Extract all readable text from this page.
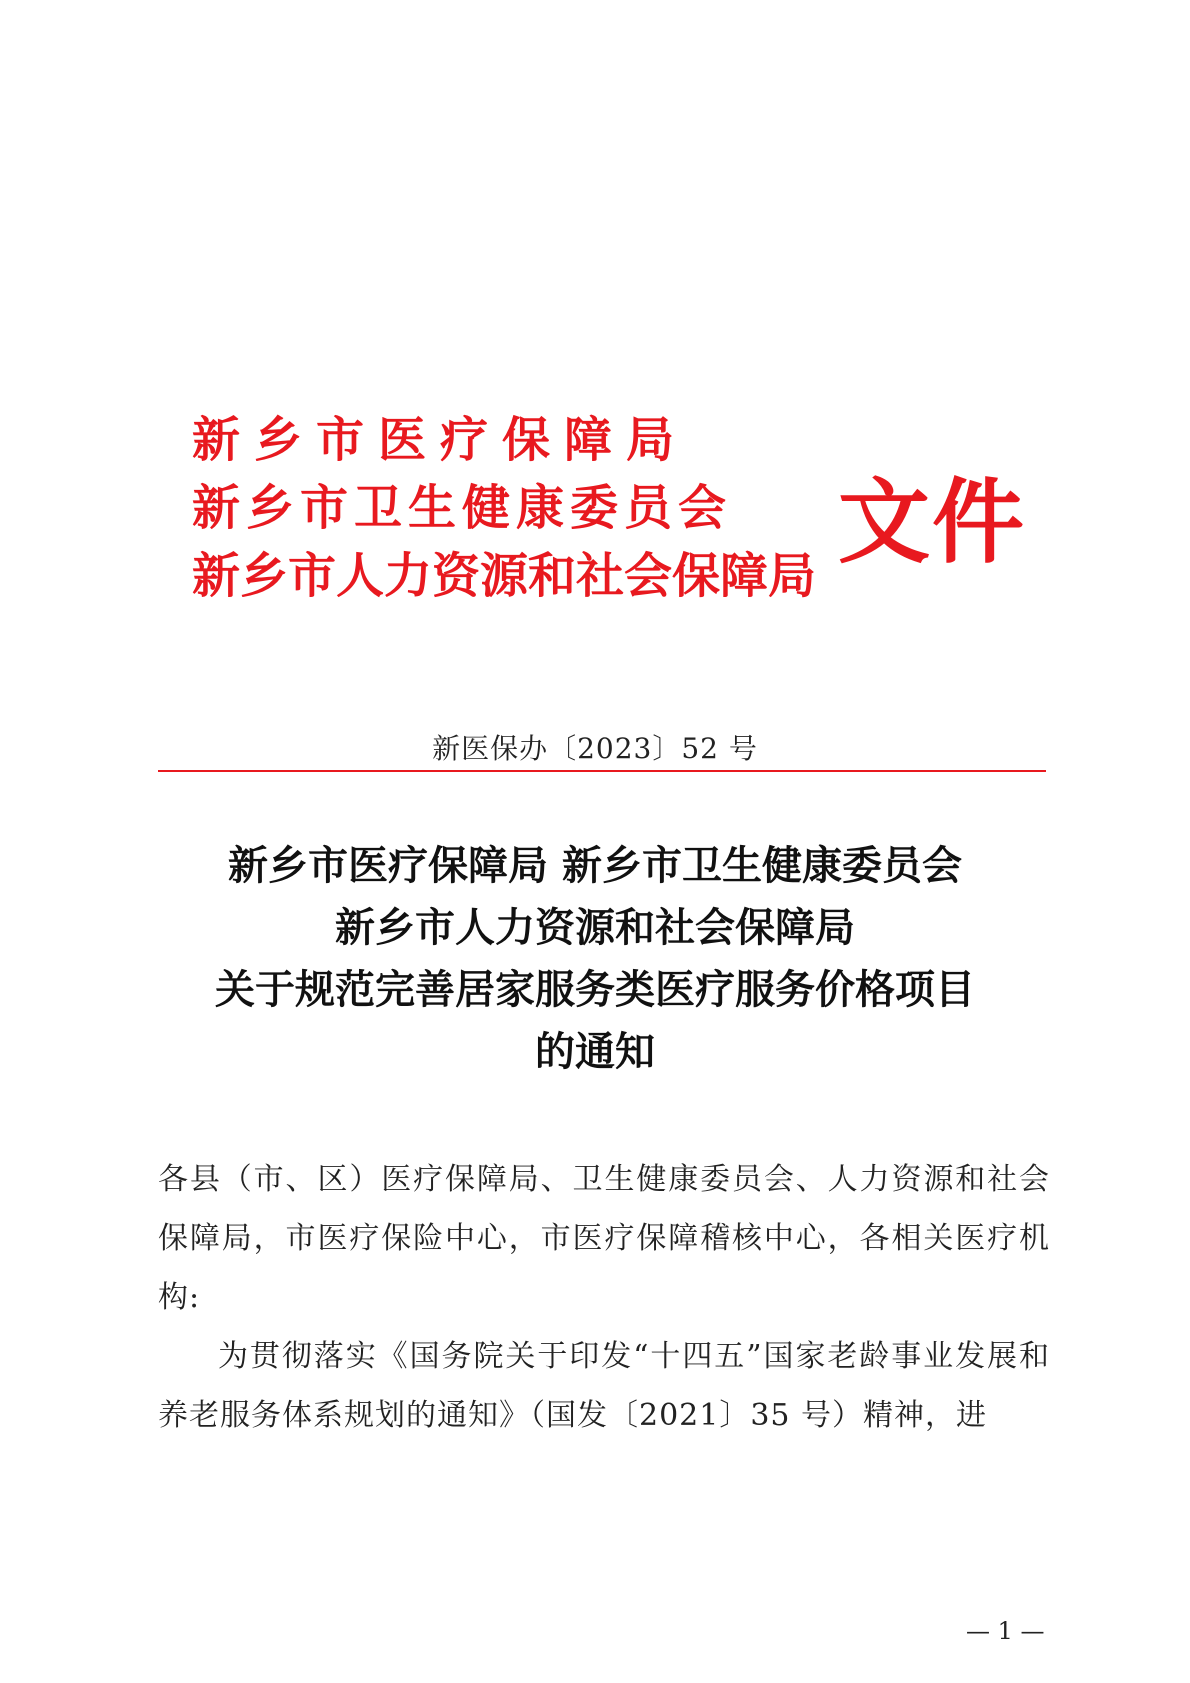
新乡市医疗保障局
新乡市卫生健康委员会
新乡市人力资源和社会保障局 文件
新医保办〔2023〕52 号
新乡市医疗保障局 新乡市卫生健康委员会
新乡市人力资源和社会保障局
关于规范完善居家服务类医疗服务价格项目
的通知
各县（市、区）医疗保障局、卫生健康委员会、人力资源和社会保障局，市医疗保险中心，市医疗保障稽核中心，各相关医疗机构:
为贯彻落实《国务院关于印发“十四五”国家老龄事业发展和养老服务体系规划的通知》（国发〔2021〕35 号）精神，进
— 1 —
